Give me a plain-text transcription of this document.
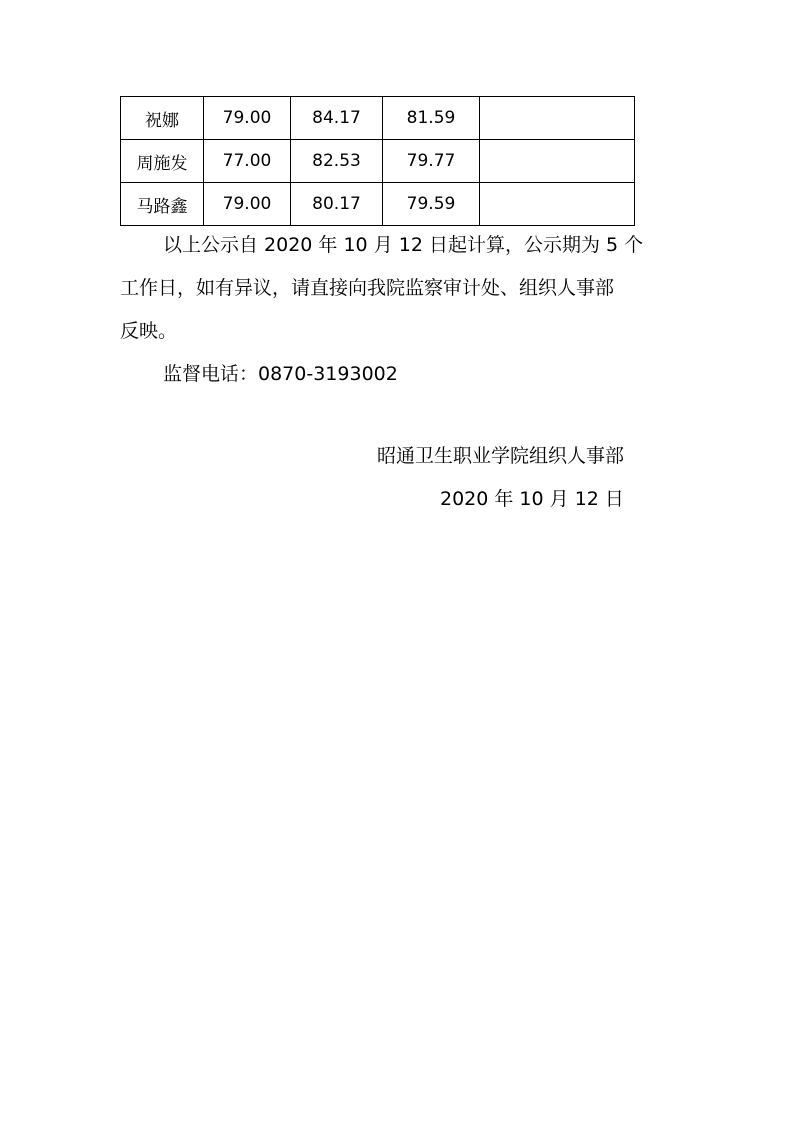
祝娜	79.00	84.17	81.59	
周施发	77.00	82.53	79.77	
马路鑫	79.00	80.17	79.59	
以上公示自 2020 年 10 月 12 日起计算，公示期为 5 个
工作日，如有异议，请直接向我院监察审计处、组织人事部
反映。
监督电话：0870-3193002
昭通卫生职业学院组织人事部
2020 年 10 月 12 日
